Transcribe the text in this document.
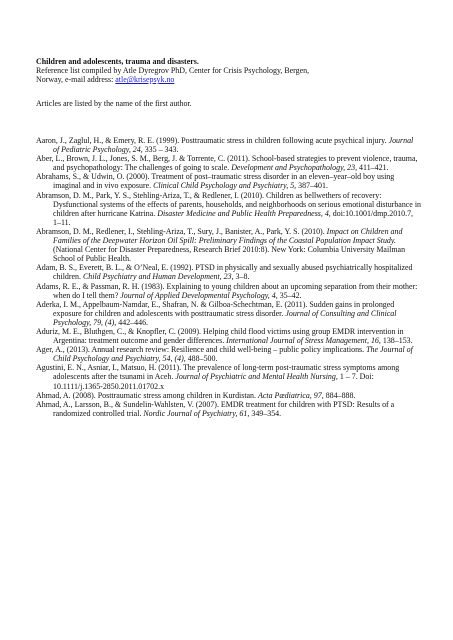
Children and adolescents, trauma and disasters.

Reference list compiled by Atle Dyregrov PhD, Center for Crisis Psychology, Bergen,

Norway, e-mail address: atle@krisepsyk.no

Articles are listed by the name of the first author.

Aaron, J., Zaglul, H., & Emery, R. E. (1999). Posttraumatic stress in children following acute psychical injury. Journal of Pediatric Psychology, 24, 335 – 343.

Aber, L., Brown, J. L., Jones, S. M., Berg, J. & Torrente, C. (2011). School-based strategies to prevent violence, trauma, and psychopathology: The challenges of going to scale. Development and Psychopathology, 23, 411–421.

Abrahams, S., & Udwin, O. (2000). Treatment of post–traumatic stress disorder in an eleven–year–old boy using imaginal and in vivo exposure. Clinical Child Psychology and Psychiatry, 5, 387–401.

Abramson, D. M., Park, Y. S., Stehling-Ariza, T., & Redlener, I. (2010). Children as bellwethers of recovery: Dysfunctional systems of the effects of parents, households, and neighborhoods on serious emotional disturbance in children after hurricane Katrina. Disaster Medicine and Public Health Preparedness, 4, doi:10.1001/dmp.2010.7, 1–11.

Abramson, D. M., Redlener, I., Stehling-Ariza, T., Sury, J., Banister, A., Park, Y. S. (2010). Impact on Children and Families of the Deepwater Horizon Oil Spill: Preliminary Findings of the Coastal Population Impact Study. (National Center for Disaster Preparedness, Research Brief 2010:8). New York: Columbia University Mailman School of Public Health.

Adam, B. S., Everett, B. L., & O’Neal, E. (1992). PTSD in physically and sexually abused psychiatrically hospitalized children. Child Psychiatry and Human Development, 23, 3–8.

Adams, R. E., & Passman, R. H. (1983). Explaining to young children about an upcoming separation from their mother: when do I tell them? Journal of Applied Developmental Psychology, 4, 35–42.

Aderka, I. M., Appelbaum-Namdar, E., Shafran, N. & Gilboa-Schechtman, E. (2011). Sudden gains in prolonged exposure for children and adolescents with posttraumatic stress disorder. Journal of Consulting and Clinical Psychology, 79, (4), 442–446.

Aduriz, M. E., Bluthgen, C., & Knopfler, C. (2009). Helping child flood victims using group EMDR intervention in Argentina: treatment outcome and gender differences. International Journal of Stress Management, 16, 138–153.

Ager, A., (2013). Annual research review: Resilience and child well-being – public policy implications. The Journal of Child Psychology and Psychiatry, 54, (4), 488–500.

Agustini, E. N., Asniar, I., Matsuo, H. (2011). The prevalence of long-term post-traumatic stress symptoms among adolescents after the tsunami in Aceh. Journal of Psychiatric and Mental Health Nursing, 1 – 7. Doi: 10.1111/j.1365-2850.2011.01702.x

Ahmad, A. (2008). Posttraumatic stress among children in Kurdistan. Acta Pædiatrica, 97, 884–888.

Ahmad, A., Larsson, B., & Sundelin-Wahlsten, V. (2007). EMDR treatment for children with PTSD: Results of a randomized controlled trial. Nordic Journal of Psychiatry, 61, 349–354.
